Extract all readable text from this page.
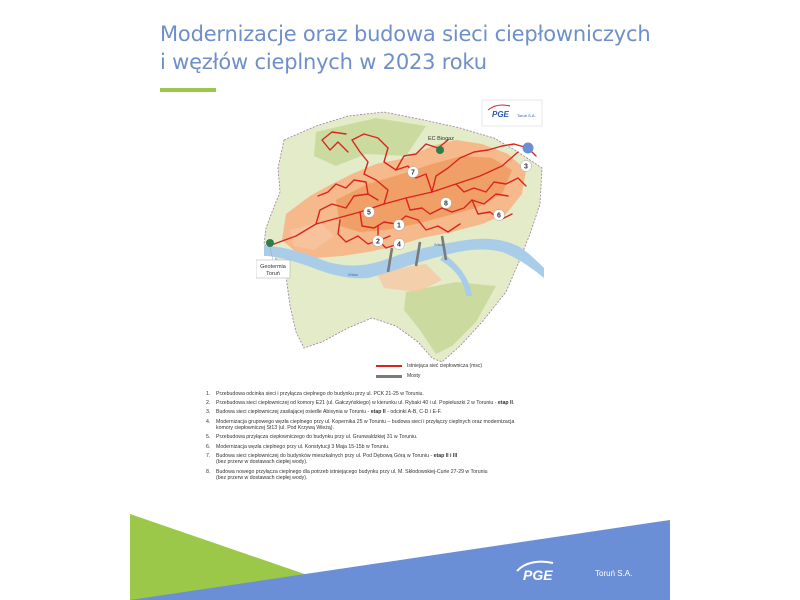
Modernizacje oraz budowa sieci ciepłowniczych
i węzłów cieplnych w 2023 roku
1
2
3
4
5	6
7
8
EC Biogaz
Geotermia
Toruń
Wisła
Wisła
PGE Toruń S.A.
Istniejąca sieć ciepłownicza (msc)
Mosty
1.	Przebudowa odcinka sieci i przyłącza cieplnego do budynku przy ul. PCK 21-25 w Toruniu.
2.	Przebudowa sieci ciepłowniczej od komory E21 (ul. Gałczyńskiego) w kierunku ul. Rybaki 40 i ul. Popiełuszki 2 w Toruniu - etap II.
3.	Budowa sieci ciepłowniczej zasilającej osiedle Abisynia w Toruniu - etap II - odcinki A-B, C-D i E-F.
4.	Modernizacja grupowego węzła cieplnego przy ul. Kopernika 25 w Toruniu – budowa sieci i przyłączy cieplnych oraz modernizacja
komory ciepłowniczej St13 (ul. Pod Krzywą Wieżą).
5.	Przebudowa przyłącza ciepłowniczego do budynku przy ul. Grunwaldzkiej 31 w Toruniu.
6.	Modernizacja węzła cieplnego przy ul. Konstytucji 3 Maja 15-15b w Toruniu.
7.	Budowa sieci ciepłowniczej do budynków mieszkalnych przy ul. Pod Dębową Górą w Toruniu - etap II i III
(bez przerw w dostawach ciepłej wody).
8.	Budowa nowego przyłącza cieplnego dla potrzeb istniejącego budynku przy ul. M. Skłodowskiej-Curie 27-29 w Toruniu
(bez przerw w dostawach ciepłej wody).
PGE	Toruń S.A.
